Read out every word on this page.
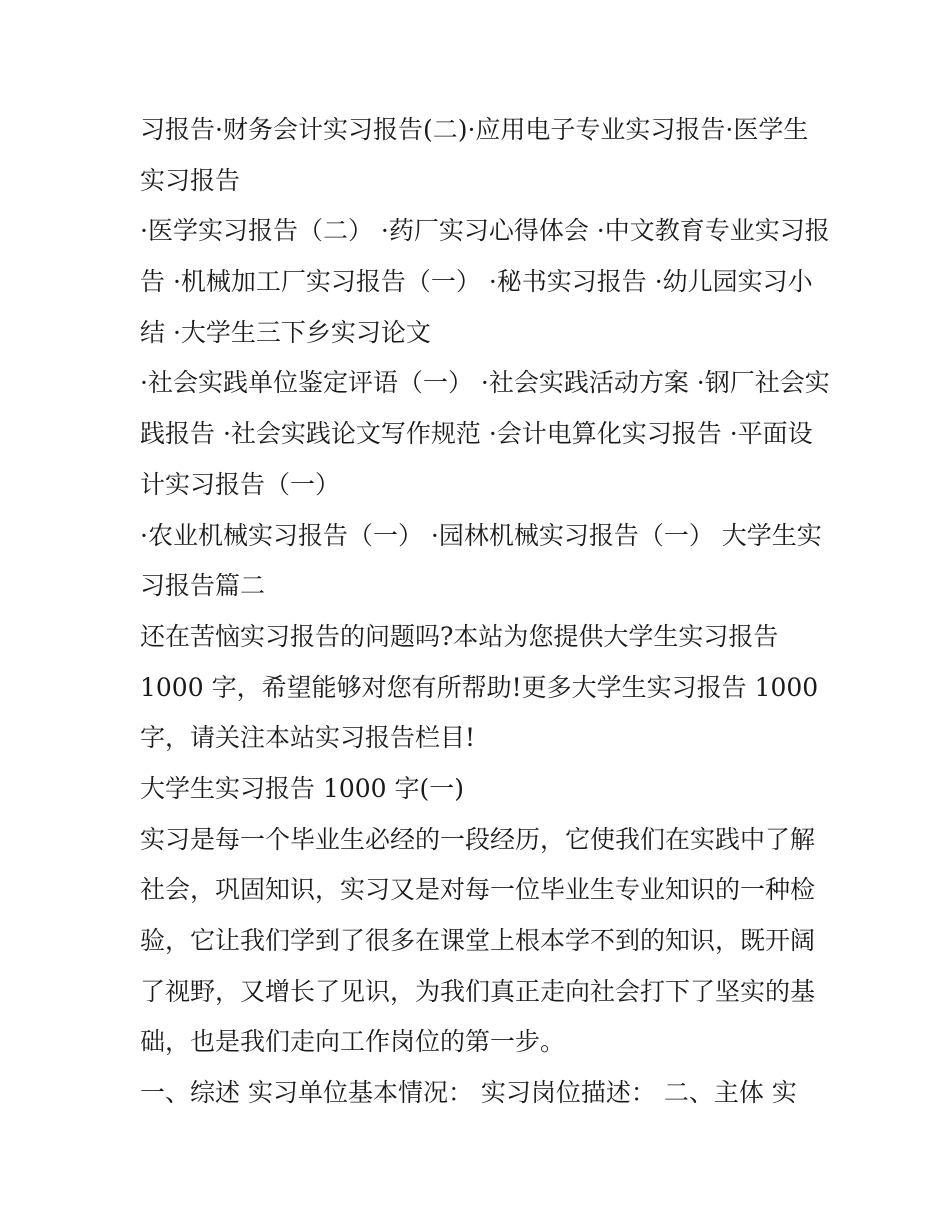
习报告·财务会计实习报告(二)·应用电子专业实习报告·医学生
实习报告
·医学实习报告（二） ·药厂实习心得体会 ·中文教育专业实习报
告 ·机械加工厂实习报告（一） ·秘书实习报告 ·幼儿园实习小
结 ·大学生三下乡实习论文
·社会实践单位鉴定评语（一） ·社会实践活动方案 ·钢厂社会实
践报告 ·社会实践论文写作规范 ·会计电算化实习报告 ·平面设
计实习报告（一）
·农业机械实习报告（一） ·园林机械实习报告（一） 大学生实
习报告篇二
还在苦恼实习报告的问题吗?本站为您提供大学生实习报告
1000 字，希望能够对您有所帮助!更多大学生实习报告 1000
字，请关注本站实习报告栏目!
大学生实习报告 1000 字(一)
实习是每一个毕业生必经的一段经历，它使我们在实践中了解
社会，巩固知识，实习又是对每一位毕业生专业知识的一种检
验，它让我们学到了很多在课堂上根本学不到的知识，既开阔
了视野，又增长了见识，为我们真正走向社会打下了坚实的基
础，也是我们走向工作岗位的第一步。
一、综述 实习单位基本情况： 实习岗位描述： 二、主体 实
